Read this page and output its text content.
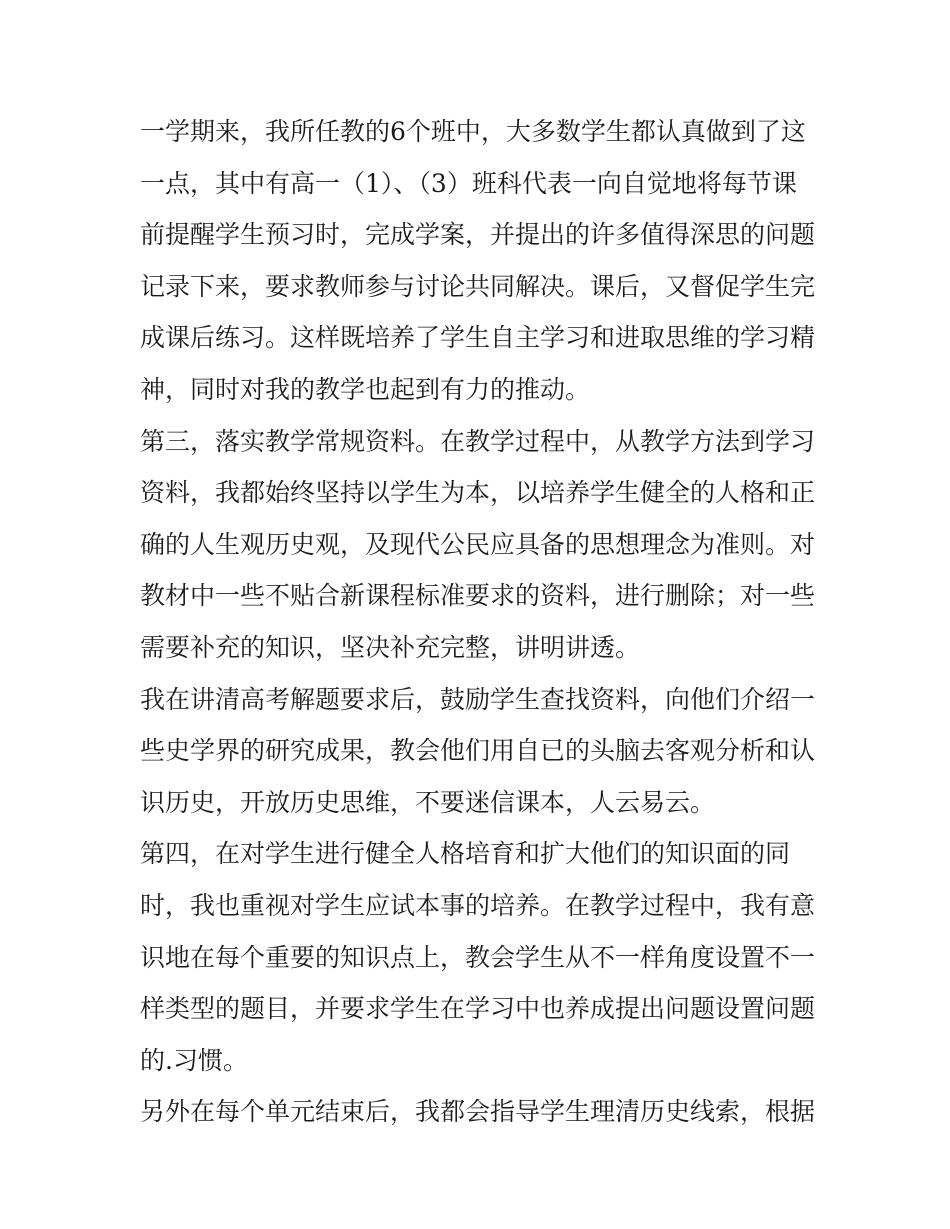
一学期来，我所任教的6个班中，大多数学生都认真做到了这
一点，其中有高一（1）、（3）班科代表一向自觉地将每节课
前提醒学生预习时，完成学案，并提出的许多值得深思的问题
记录下来，要求教师参与讨论共同解决。课后，又督促学生完
成课后练习。这样既培养了学生自主学习和进取思维的学习精
神，同时对我的教学也起到有力的推动。
第三，落实教学常规资料。在教学过程中，从教学方法到学习
资料，我都始终坚持以学生为本，以培养学生健全的人格和正
确的人生观历史观，及现代公民应具备的思想理念为准则。对
教材中一些不贴合新课程标准要求的资料，进行删除；对一些
需要补充的知识，坚决补充完整，讲明讲透。
我在讲清高考解题要求后，鼓励学生查找资料，向他们介绍一
些史学界的研究成果，教会他们用自已的头脑去客观分析和认
识历史，开放历史思维，不要迷信课本，人云易云。
第四，在对学生进行健全人格培育和扩大他们的知识面的同
时，我也重视对学生应试本事的培养。在教学过程中，我有意
识地在每个重要的知识点上，教会学生从不一样角度设置不一
样类型的题目，并要求学生在学习中也养成提出问题设置问题
的.习惯。
另外在每个单元结束后，我都会指导学生理清历史线索，根据
